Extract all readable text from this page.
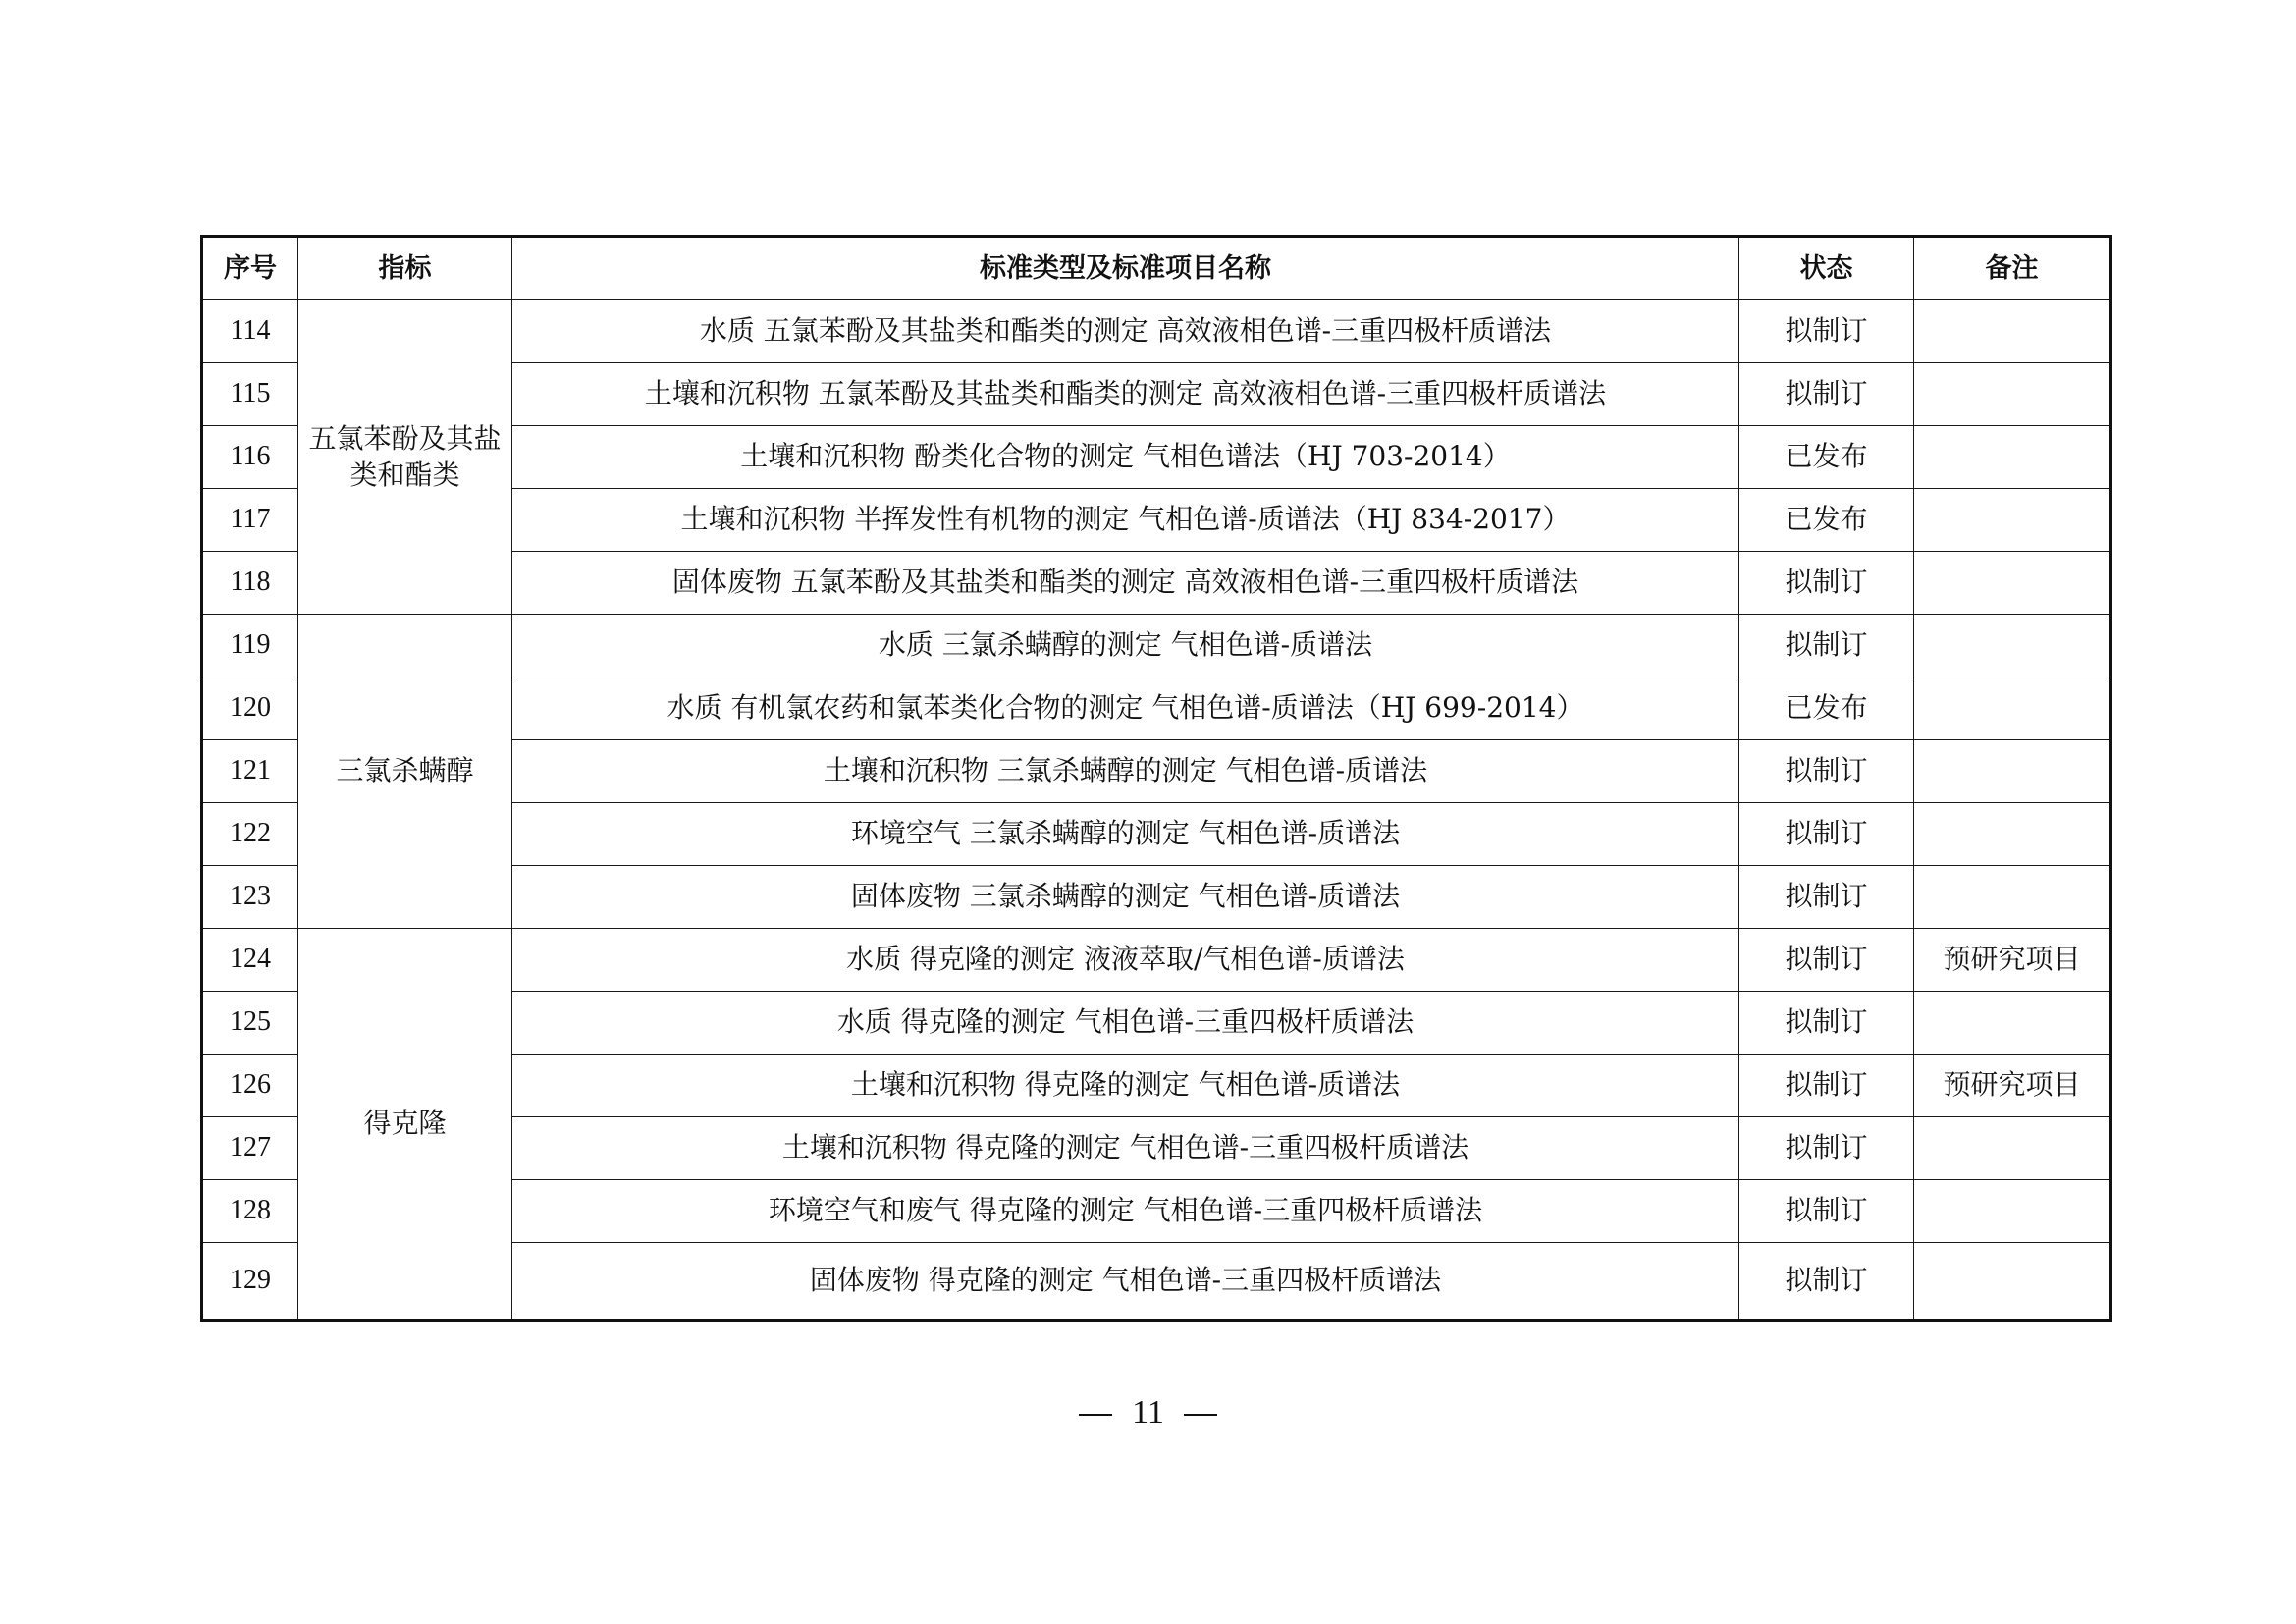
序号	指标	标准类型及标准项目名称	状态	备注
114	五氯苯酚及其盐类和酯类	水质 五氯苯酚及其盐类和酯类的测定 高效液相色谱-三重四极杆质谱法	拟制订	
115		土壤和沉积物 五氯苯酚及其盐类和酯类的测定 高效液相色谱-三重四极杆质谱法	拟制订	
116		土壤和沉积物 酚类化合物的测定 气相色谱法（HJ 703-2014）	已发布	
117		土壤和沉积物 半挥发性有机物的测定 气相色谱-质谱法（HJ 834-2017）	已发布	
118		固体废物 五氯苯酚及其盐类和酯类的测定 高效液相色谱-三重四极杆质谱法	拟制订	
119	三氯杀螨醇	水质 三氯杀螨醇的测定 气相色谱-质谱法	拟制订	
120		水质 有机氯农药和氯苯类化合物的测定 气相色谱-质谱法（HJ 699-2014）	已发布	
121		土壤和沉积物 三氯杀螨醇的测定 气相色谱-质谱法	拟制订	
122		环境空气 三氯杀螨醇的测定 气相色谱-质谱法	拟制订	
123		固体废物 三氯杀螨醇的测定 气相色谱-质谱法	拟制订	
124	得克隆	水质 得克隆的测定 液液萃取/气相色谱-质谱法	拟制订	预研究项目
125		水质 得克隆的测定 气相色谱-三重四极杆质谱法	拟制订	
126		土壤和沉积物 得克隆的测定 气相色谱-质谱法	拟制订	预研究项目
127		土壤和沉积物 得克隆的测定 气相色谱-三重四极杆质谱法	拟制订	
128		环境空气和废气 得克隆的测定 气相色谱-三重四极杆质谱法	拟制订	
129		固体废物 得克隆的测定 气相色谱-三重四极杆质谱法	拟制订	
11
